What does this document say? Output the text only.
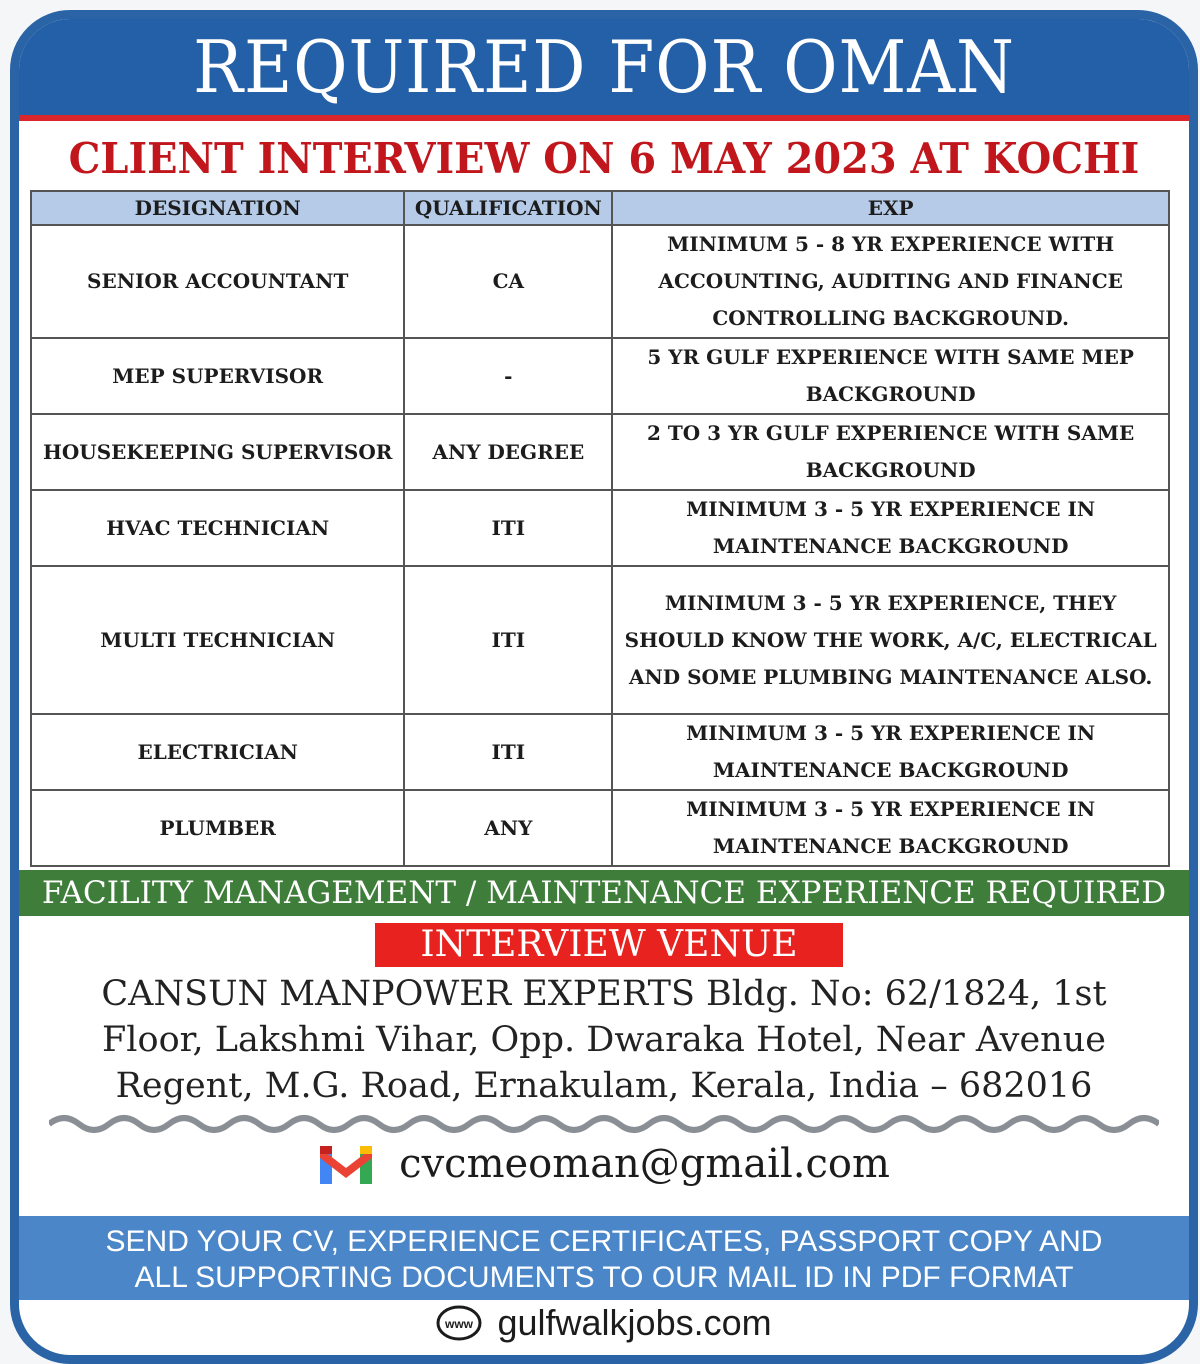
REQUIRED FOR OMAN
CLIENT INTERVIEW ON 6 MAY 2023 AT KOCHI
DESIGNATION	QUALIFICATION	EXP
SENIOR ACCOUNTANT	CA	MINIMUM 5 - 8 YR EXPERIENCE WITH
ACCOUNTING, AUDITING AND FINANCE
CONTROLLING BACKGROUND.

MEP SUPERVISOR	-	5 YR GULF EXPERIENCE WITH SAME MEP
BACKGROUND

HOUSEKEEPING SUPERVISOR	ANY DEGREE	2 TO 3 YR GULF EXPERIENCE WITH SAME
BACKGROUND

HVAC TECHNICIAN	ITI	MINIMUM 3 - 5 YR EXPERIENCE IN
MAINTENANCE BACKGROUND

MULTI TECHNICIAN	ITI	MINIMUM 3 - 5 YR EXPERIENCE, THEY
SHOULD KNOW THE WORK, A/C, ELECTRICAL
AND SOME PLUMBING MAINTENANCE ALSO.

ELECTRICIAN	ITI	MINIMUM 3 - 5 YR EXPERIENCE IN
MAINTENANCE BACKGROUND

PLUMBER	ANY	MINIMUM 3 - 5 YR EXPERIENCE IN
MAINTENANCE BACKGROUND
FACILITY MANAGEMENT / MAINTENANCE EXPERIENCE REQUIRED
INTERVIEW VENUE
CANSUN MANPOWER EXPERTS Bldg. No: 62/1824, 1st
Floor, Lakshmi Vihar, Opp. Dwaraka Hotel, Near Avenue
Regent, M.G. Road, Ernakulam, Kerala, India – 682016
cvcmeoman@gmail.com
SEND YOUR CV, EXPERIENCE CERTIFICATES, PASSPORT COPY AND
ALL SUPPORTING DOCUMENTS TO OUR MAIL ID IN PDF FORMAT
www gulfwalkjobs.com
